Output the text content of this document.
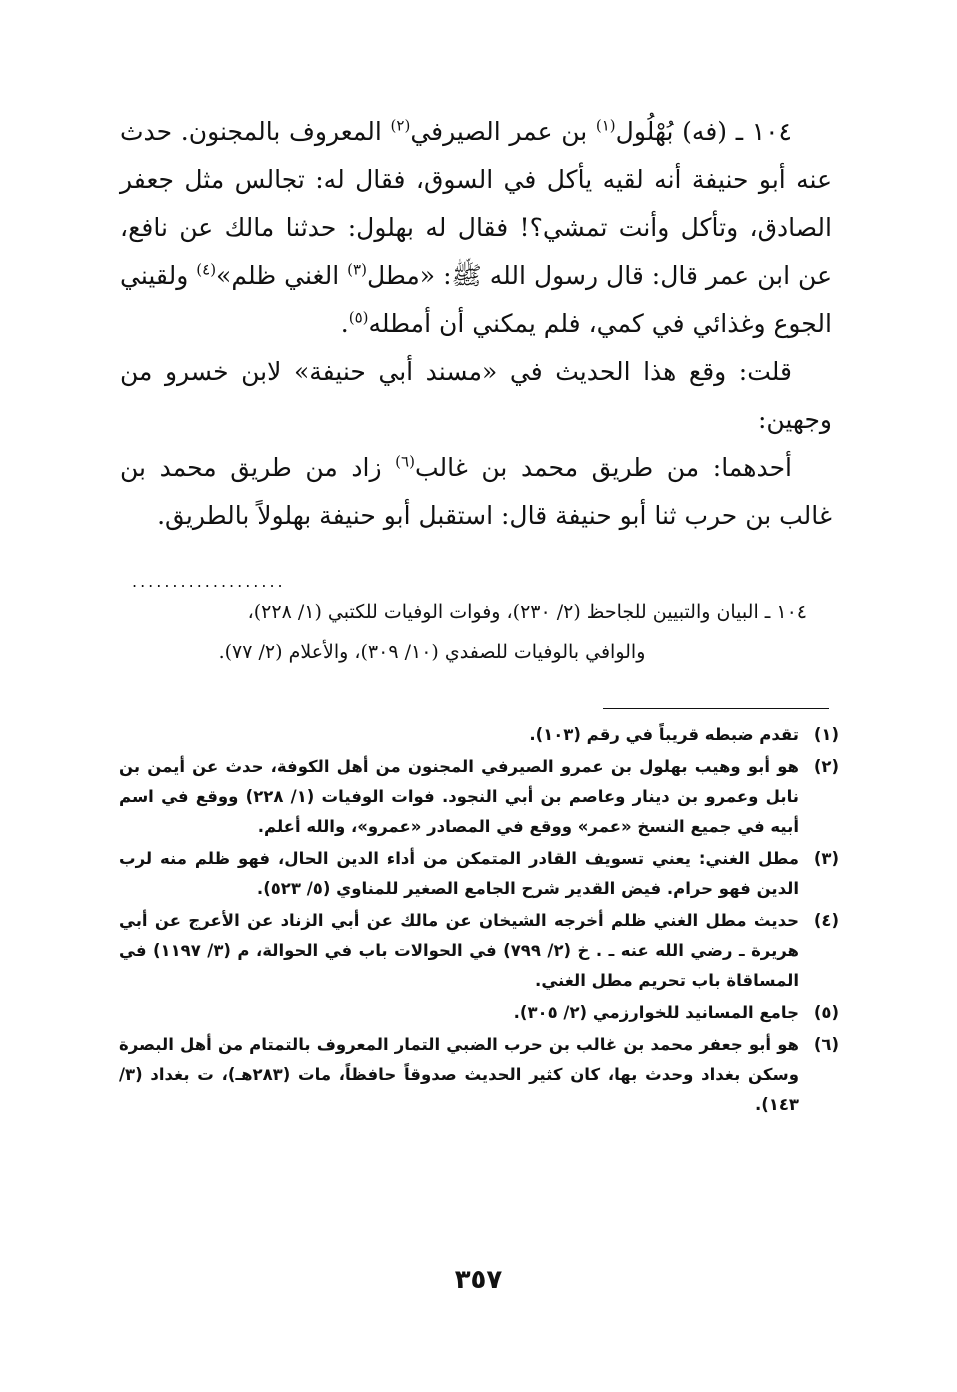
١٠٤ ـ (فه) بُهْلُول$^{(١)}$ بن عمر الصيرفي$^{(٢)}$ المعروف بالمجنون. حدث عنه أبو حنيفة أنه لقيه يأكل في السوق، فقال له: تجالس مثل جعفر الصادق، وتأكل وأنت تمشي؟! فقال له بهلول: حدثنا مالك عن نافع، عن ابن عمر قال: قال رسول الله ﷺ: «مطل$^{(٣)}$ الغني ظلم»$^{(٤)}$ ولقيني الجوع وغذائي في كمي، فلم يمكني أن أمطله$^{(٥)}$.

قلت: وقع هذا الحديث في «مسند أبي حنيفة» لابن خسرو من وجهين:

أحدهما: من طريق محمد بن غالب$^{(٦)}$ زاد من طريق محمد بن غالب بن حرب ثنا أبو حنيفة قال: استقبل أبو حنيفة بهلولاً بالطريق.

...................
١٠٤ ـ البيان والتبيين للجاحظ (٢/ ٢٣٠)، وفوات الوفيات للكتبي (١/ ٢٢٨)،
والوافي بالوفيات للصفدي (١٠/ ٣٠٩)، والأعلام (٢/ ٧٧).
(١)
تقدم ضبطه قريباً في رقم (١٠٣).
(٢)
هو أبو وهيب بهلول بن عمرو الصيرفي المجنون من أهل الكوفة، حدث عن أيمن بن نابل وعمرو بن دينار وعاصم بن أبي النجود. فوات الوفيات (١/ ٢٢٨) ووقع في اسم أبيه في جميع النسخ «عمر» ووقع في المصادر «عمرو»، والله أعلم.
(٣)
مطل الغني: يعني تسويف القادر المتمكن من أداء الدين الحال، فهو ظلم منه لرب الدين فهو حرام. فيض القدير شرح الجامع الصغير للمناوي (٥/ ٥٢٣).
(٤)
حديث مطل الغني ظلم أخرجه الشيخان عن مالك عن أبي الزناد عن الأعرج عن أبي هريرة ـ رضي الله عنه ـ . خ (٢/ ٧٩٩) في الحوالات باب في الحوالة، م (٣/ ١١٩٧) في المساقاة باب تحريم مطل الغني.
(٥)
جامع المسانيد للخوارزمي (٢/ ٣٠٥).
(٦)
هو أبو جعفر محمد بن غالب بن حرب الضبي التمار المعروف بالتمتام من أهل البصرة وسكن بغداد وحدث بها، كان كثير الحديث صدوقاً حافظاً، مات (٢٨٣هـ)، ت بغداد (٣/ ١٤٣).
٣٥٧
